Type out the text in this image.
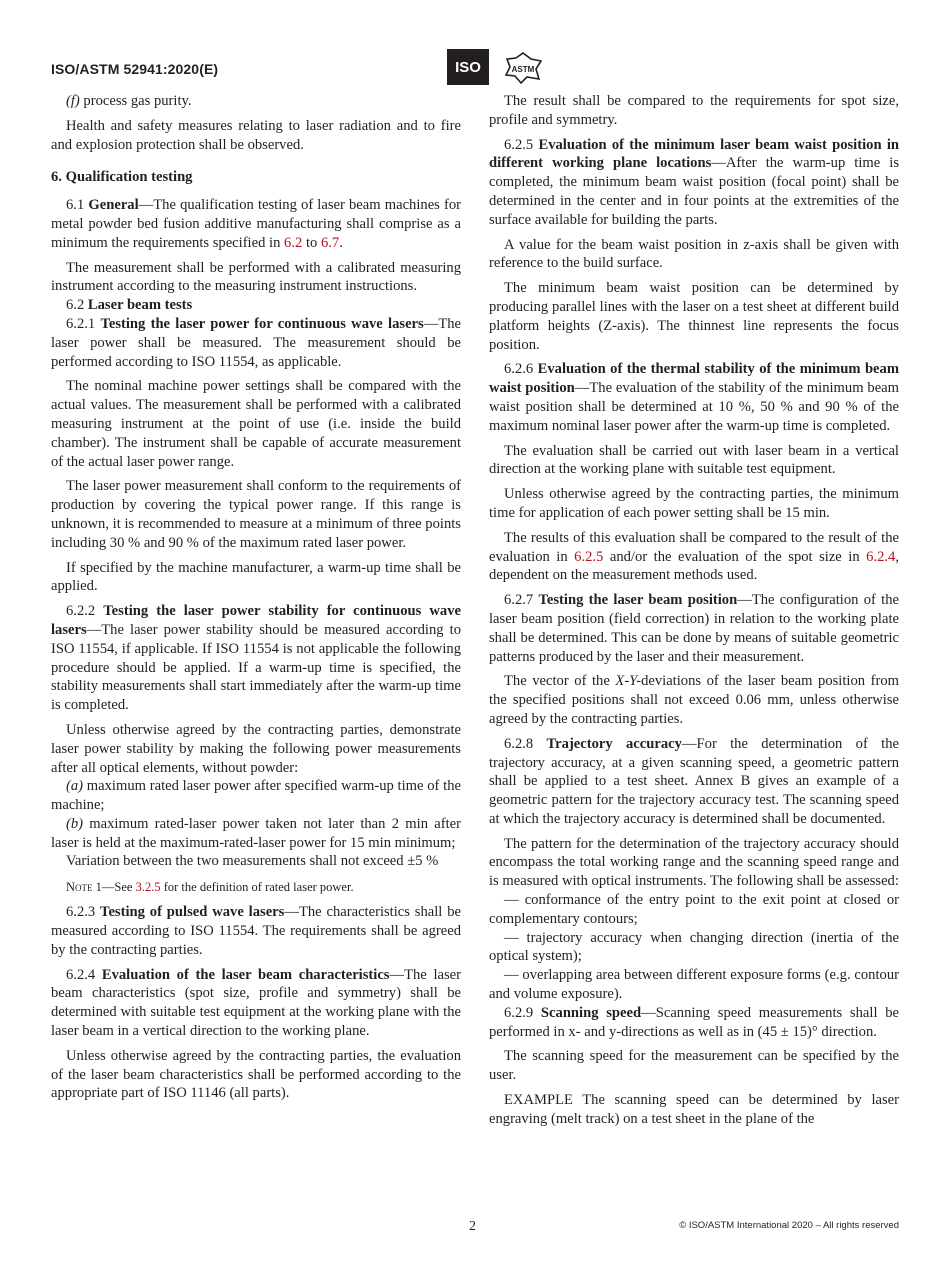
ISO/ASTM 52941:2020(E)	ISO	ASTM

(f) process gas purity.

Health and safety measures relating to laser radiation and to fire and explosion protection shall be observed.

6. Qualification testing

6.1 General—The qualification testing of laser beam machines for metal powder bed fusion additive manufacturing shall comprise as a minimum the requirements specified in 6.2 to 6.7.

The measurement shall be performed with a calibrated measuring instrument according to the measuring instrument instructions.

6.2 Laser beam tests

6.2.1 Testing the laser power for continuous wave lasers—The laser power shall be measured. The measurement should be performed according to ISO 11554, as applicable.

The nominal machine power settings shall be compared with the actual values. The measurement shall be performed with a calibrated measuring instrument at the point of use (i.e. inside the build chamber). The instrument shall be capable of accurate measurement of the actual laser power range.

The laser power measurement shall conform to the requirements of production by covering the typical power range. If this range is unknown, it is recommended to measure at a minimum of three points including 30 % and 90 % of the maximum rated laser power.

If specified by the machine manufacturer, a warm-up time shall be applied.

6.2.2 Testing the laser power stability for continuous wave lasers—The laser power stability should be measured according to ISO 11554, if applicable. If ISO 11554 is not applicable the following procedure should be applied. If a warm-up time is specified, the stability measurements shall start immediately after the warm-up time is completed.

Unless otherwise agreed by the contracting parties, demonstrate laser power stability by making the following power measurements after all optical elements, without powder:

(a) maximum rated laser power after specified warm-up time of the machine;

(b) maximum rated-laser power taken not later than 2 min after laser is held at the maximum-rated-laser power for 15 min minimum;

Variation between the two measurements shall not exceed ±5 %

Note 1—See 3.2.5 for the definition of rated laser power.

6.2.3 Testing of pulsed wave lasers—The characteristics shall be measured according to ISO 11554. The requirements shall be agreed by the contracting parties.

6.2.4 Evaluation of the laser beam characteristics—The laser beam characteristics (spot size, profile and symmetry) shall be determined with suitable test equipment at the working plane with the laser beam in a vertical direction to the working plane.

Unless otherwise agreed by the contracting parties, the evaluation of the laser beam characteristics shall be performed according to the appropriate part of ISO 11146 (all parts).

The result shall be compared to the requirements for spot size, profile and symmetry.

6.2.5 Evaluation of the minimum laser beam waist position in different working plane locations—After the warm-up time is completed, the minimum beam waist position (focal point) shall be determined in the center and in four points at the extremities of the surface available for building the parts.

A value for the beam waist position in z-axis shall be given with reference to the build surface.

The minimum beam waist position can be determined by producing parallel lines with the laser on a test sheet at different build platform heights (Z-axis). The thinnest line represents the focus position.

6.2.6 Evaluation of the thermal stability of the minimum beam waist position—The evaluation of the stability of the minimum beam waist position shall be determined at 10 %, 50 % and 90 % of the maximum nominal laser power after the warm-up time is completed.

The evaluation shall be carried out with laser beam in a vertical direction at the working plane with suitable test equipment.

Unless otherwise agreed by the contracting parties, the minimum time for application of each power setting shall be 15 min.

The results of this evaluation shall be compared to the result of the evaluation in 6.2.5 and/or the evaluation of the spot size in 6.2.4, dependent on the measurement methods used.

6.2.7 Testing the laser beam position—The configuration of the laser beam position (field correction) in relation to the working plate shall be determined. This can be done by means of suitable geometric patterns produced by the laser and their measurement.

The vector of the X-Y-deviations of the laser beam position from the specified positions shall not exceed 0.06 mm, unless otherwise agreed by the contracting parties.

6.2.8 Trajectory accuracy—For the determination of the trajectory accuracy, at a given scanning speed, a geometric pattern shall be applied to a test sheet. Annex B gives an example of a geometric pattern for the trajectory accuracy test. The scanning speed at which the trajectory accuracy is determined shall be documented.

The pattern for the determination of the trajectory accuracy should encompass the total working range and the scanning speed range and is measured with optical instruments. The following shall be assessed:

— conformance of the entry point to the exit point at closed or complementary contours;

— trajectory accuracy when changing direction (inertia of the optical system);

— overlapping area between different exposure forms (e.g. contour and volume exposure).

6.2.9 Scanning speed—Scanning speed measurements shall be performed in x- and y-directions as well as in (45 ± 15)° direction.

The scanning speed for the measurement can be specified by the user.

EXAMPLE The scanning speed can be determined by laser engraving (melt track) on a test sheet in the plane of the

2	© ISO/ASTM International 2020 – All rights reserved
